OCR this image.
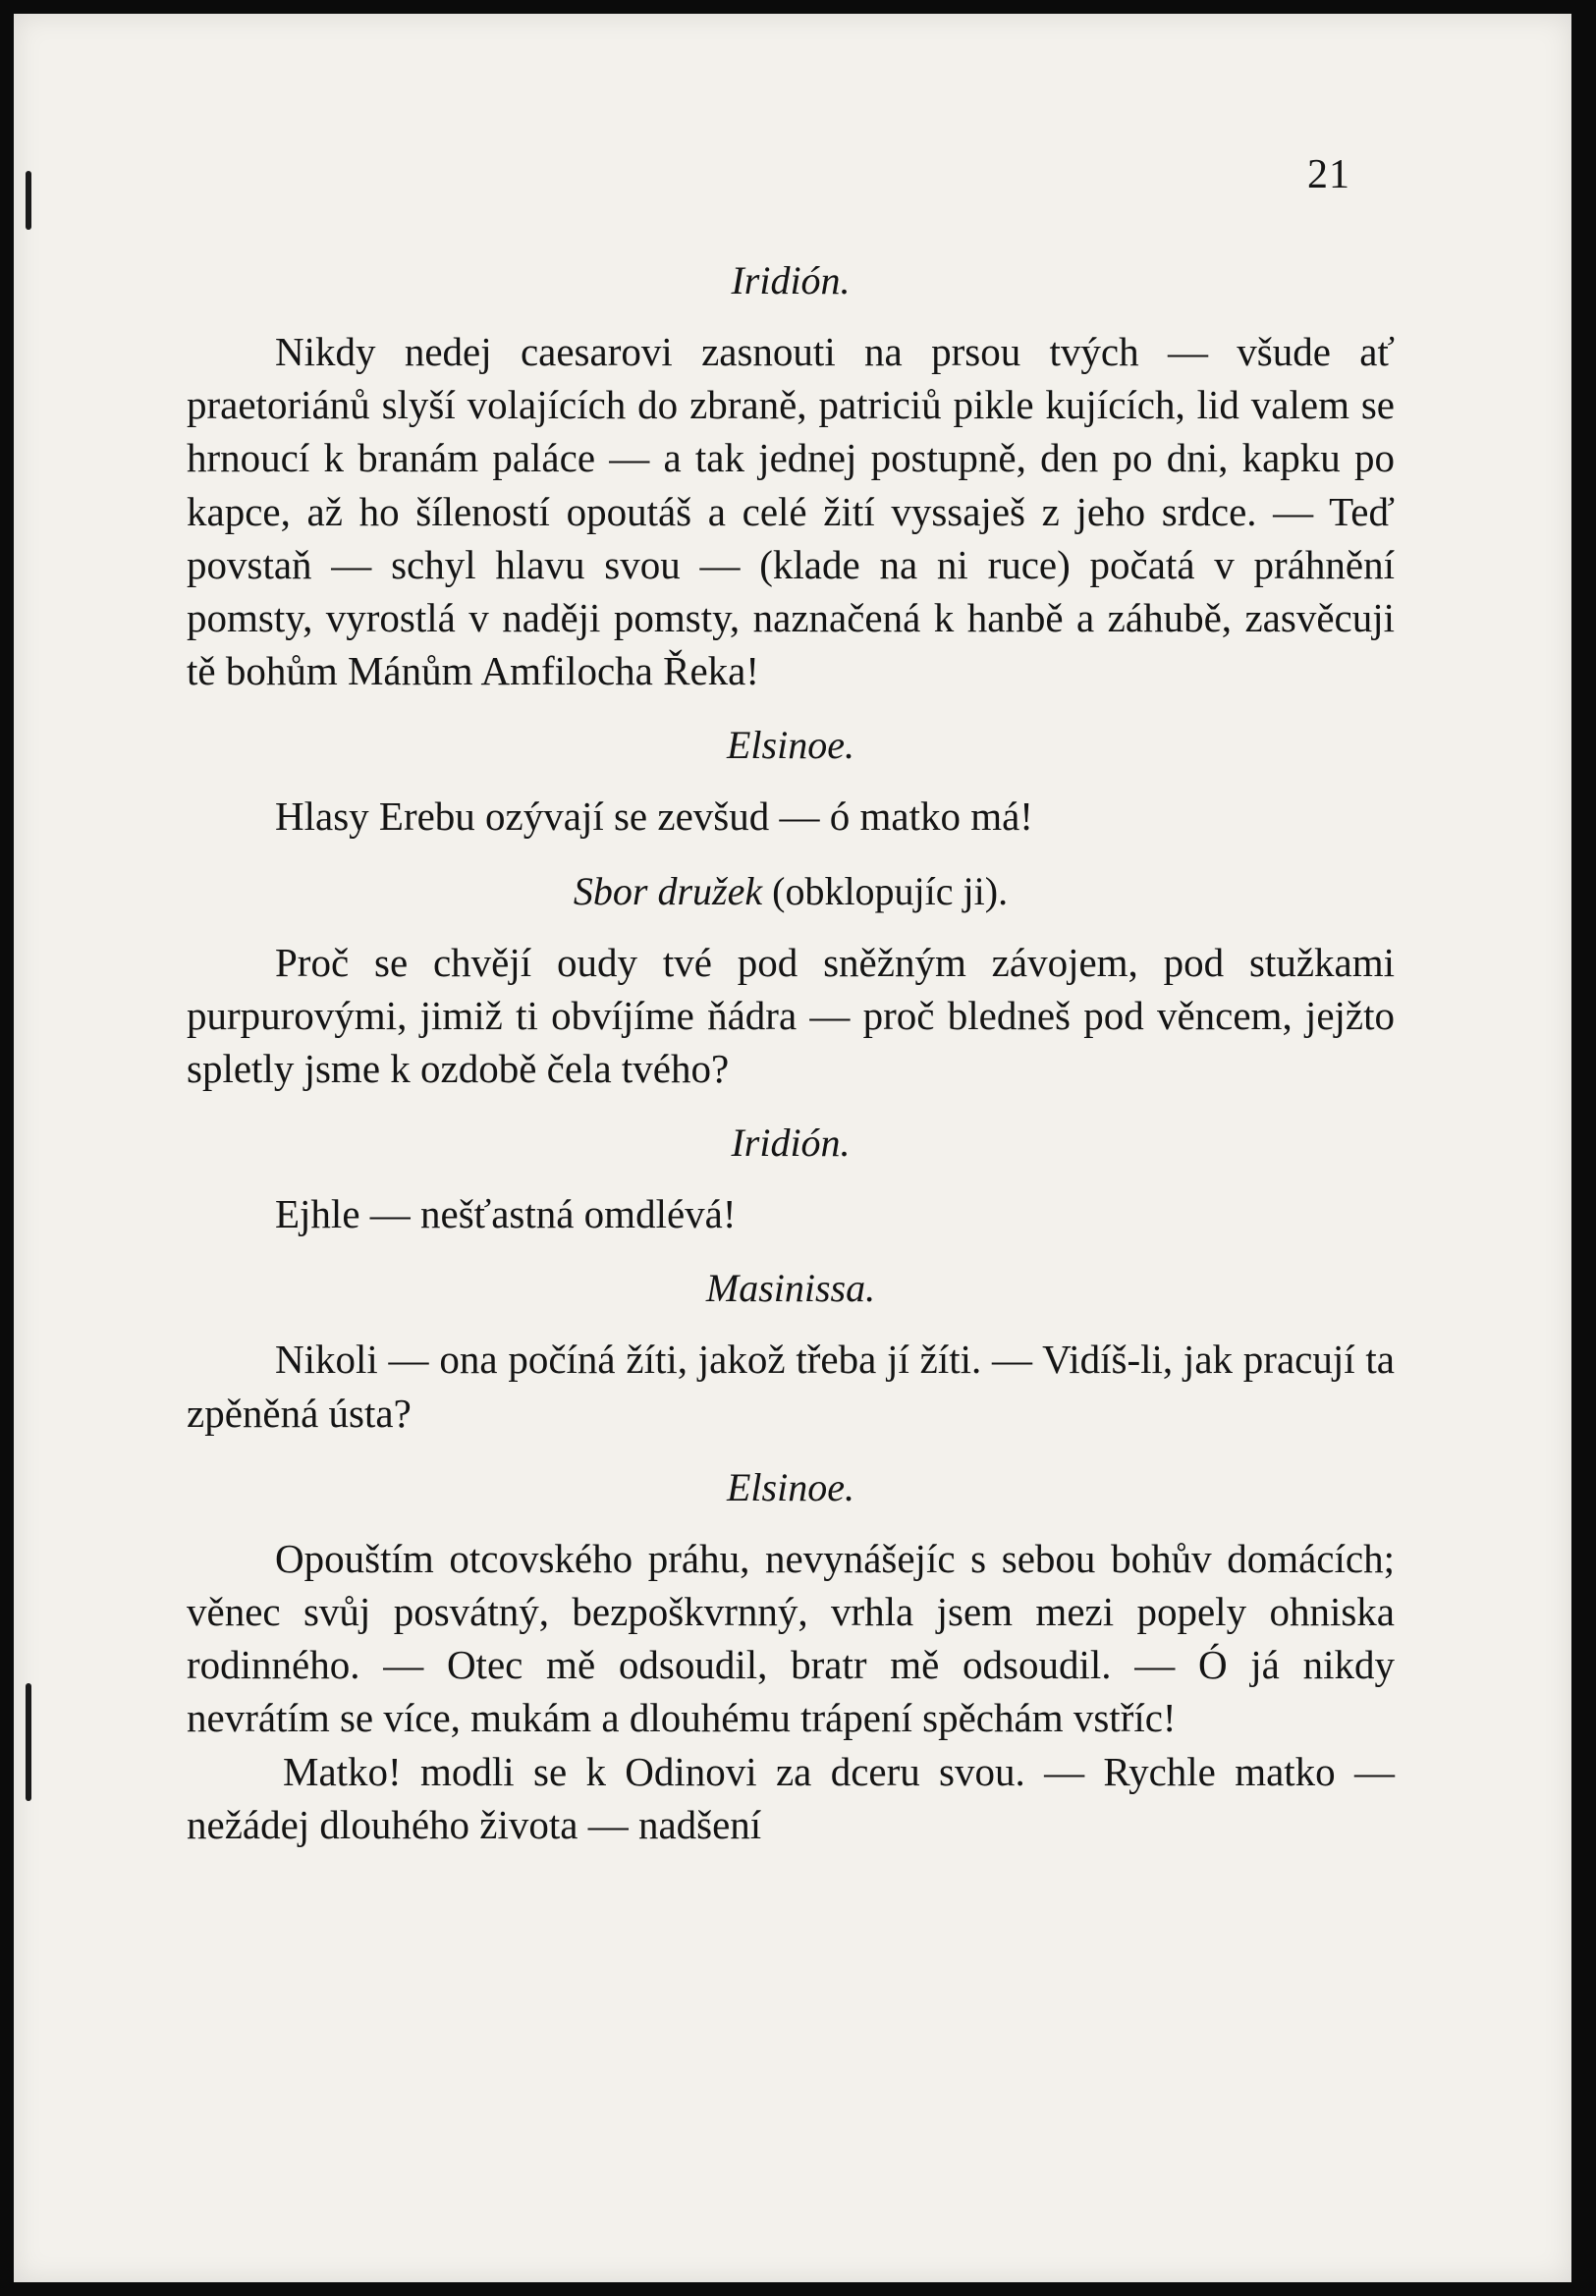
21
Iridión.

Nikdy nedej caesarovi zasnouti na prsou tvých — všude ať praetoriánů slyší volajících do zbraně, patriciů pikle kujících, lid valem se hrnoucí k branám paláce — a tak jednej postupně, den po dni, kapku po kapce, až ho šíleností opoutáš a celé žití vyssaješ z jeho srdce. — Teď povstaň — schyl hlavu svou — (klade na ni ruce) počatá v práhnění pomsty, vyrostlá v naději pomsty, naznačená k hanbě a záhubě, zasvěcuji tě bohům Mánům Amfilocha Řeka!

Elsinoe.

Hlasy Erebu ozývají se zevšud — ó matko má!

Sbor družek (obklopujíc ji).

Proč se chvějí oudy tvé pod sněžným závojem, pod stužkami purpurovými, jimiž ti obvíjíme ňádra — proč bledneš pod věncem, jejžto spletly jsme k ozdobě čela tvého?

Iridión.

Ejhle — nešťastná omdlévá!

Masinissa.

Nikoli — ona počíná žíti, jakož třeba jí žíti. — Vidíš-li, jak pracují ta zpěněná ústa?

Elsinoe.

Opouštím otcovského práhu, nevynášejíc s sebou bohův domácích; věnec svůj posvátný, bezpoškvrnný, vrhla jsem mezi popely ohniska rodinného. — Otec mě odsoudil, bratr mě odsoudil. — Ó já nikdy nevrátím se více, mukám a dlouhému trápení spěchám vstříc!

Matko! modli se k Odinovi za dceru svou. — Rychle matko — nežádej dlouhého života — nadšení
